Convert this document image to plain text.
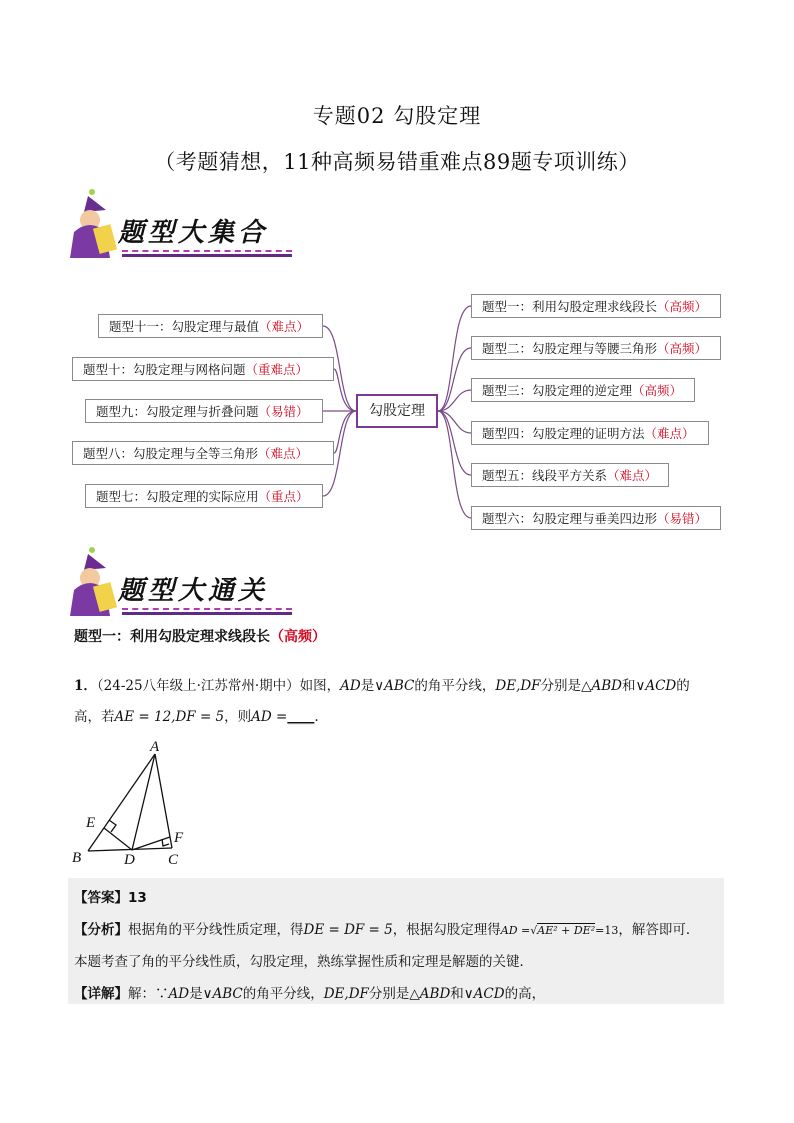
专题02 勾股定理
（考题猜想，11种高频易错重难点89题专项训练）
题型大集合
勾股定理
题型一：利用勾股定理求线段长（高频）
题型二：勾股定理与等腰三角形（高频）
题型三：勾股定理的逆定理（高频）
题型四：勾股定理的证明方法（难点）
题型五：线段平方关系（难点）
题型六：勾股定理与垂美四边形（易错）
题型十一：勾股定理与最值（难点）
题型十：勾股定理与网格问题（重难点）
题型九：勾股定理与折叠问题（易错）
题型八：勾股定理与全等三角形（难点）
题型七：勾股定理的实际应用（重点）
题型大通关
题型一：利用勾股定理求线段长（高频）
1．（24-25八年级上·江苏常州·期中）如图，AD是∨ABC的角平分线，DE,DF分别是△ABD和∨ACD的
高，若AE = 12,DF = 5，则AD =____.
A
E
F
B	D C
【答案】13
【分析】根据角的平分线性质定理，得DE = DF = 5，根据勾股定理得AD =√AE² + DE²=13，解答即可．
本题考查了角的平分线性质，勾股定理，熟练掌握性质和定理是解题的关键．
【详解】解：∵AD是∨ABC的角平分线，DE,DF分别是△ABD和∨ACD的高，
